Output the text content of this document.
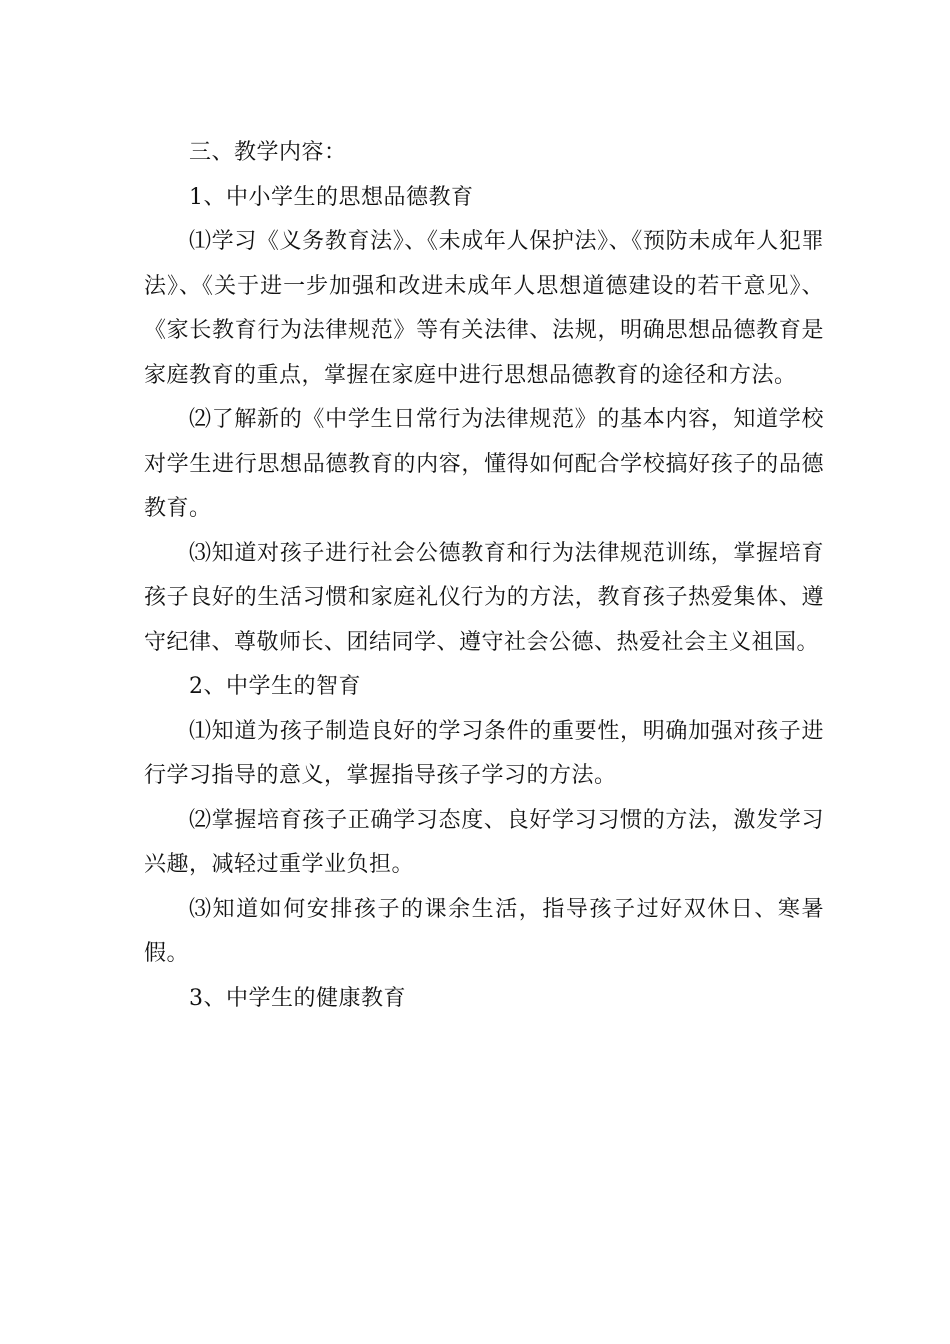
三、教学内容：

1、中小学生的思想品德教育

⑴学习《义务教育法》、《未成年人保护法》、《预防未成年人犯罪法》、《关于进一步加强和改进未成年人思想道德建设的若干意见》、《家长教育行为法律规范》等有关法律、法规，明确思想品德教育是家庭教育的重点，掌握在家庭中进行思想品德教育的途径和方法。

⑵了解新的《中学生日常行为法律规范》的基本内容，知道学校对学生进行思想品德教育的内容，懂得如何配合学校搞好孩子的品德教育。

⑶知道对孩子进行社会公德教育和行为法律规范训练，掌握培育孩子良好的生活习惯和家庭礼仪行为的方法，教育孩子热爱集体、遵守纪律、尊敬师长、团结同学、遵守社会公德、热爱社会主义祖国。

2、中学生的智育

⑴知道为孩子制造良好的学习条件的重要性，明确加强对孩子进行学习指导的意义，掌握指导孩子学习的方法。

⑵掌握培育孩子正确学习态度、良好学习习惯的方法，激发学习兴趣，减轻过重学业负担。

⑶知道如何安排孩子的课余生活，指导孩子过好双休日、寒暑假。

3、中学生的健康教育
